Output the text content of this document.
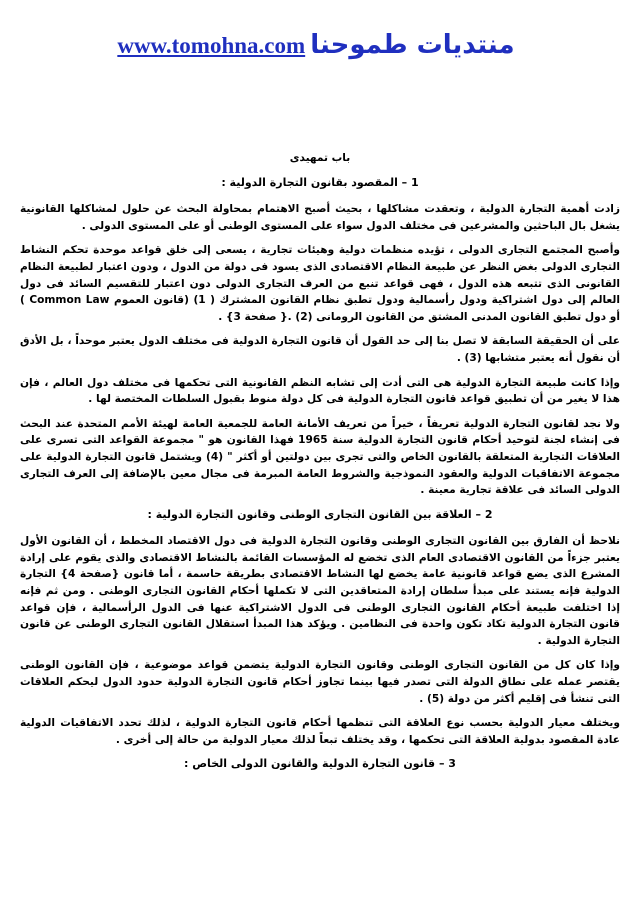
www.tomohna.com منتديات طموحنا

باب تمهيدى

1 – المقصود بقانون التجارة الدولية :

زادت أهمية التجارة الدولية ، وتعقدت مشاكلها ، بحيث أصبح الاهتمام بمحاولة البحث عن حلول لمشاكلها القانونية يشغل بال الباحثين والمشرعين فى مختلف الدول سواء على المستوى الوطنى أو على المستوى الدولى .

وأصبح المجتمع التجارى الدولى ، تؤيده منظمات دولية وهيئات تجارية ، يسعى إلى خلق قواعد موحدة تحكم النشاط التجارى الدولى بغض النظر عن طبيعة النظام الاقتصادى الذى يسود فى دولة من الدول ، ودون اعتبار لطبيعة النظام القانونى الذى تتبعه هذه الدول ، فهى قواعد تنبع من العرف التجارى الدولى دون اعتبار للتقسيم السائد فى دول العالم إلى دول اشتراكية ودول رأسمالية ودول تطبق نظام القانون المشترك ( 1) (قانون العموم Common Law ) أو دول تطبق القانون المدنى المشتق من القانون الرومانى (2) .{ صفحة 3} .

على أن الحقيقة السابقة لا تصل بنا إلى حد القول أن قانون التجارة الدولية فى مختلف الدول يعتبر موحداً ، بل الأدق أن نقول أنه يعتبر متشابها (3) .

وإذا كانت طبيعة التجارة الدولية هى التى أدت إلى تشابه النظم القانونية التى تحكمها فى مختلف دول العالم ، فإن هذا لا يغير من أن تطبيق قواعد قانون التجارة الدولية فى كل دولة منوط بقبول السلطات المختصة لها .

ولا نجد لقانون التجارة الدولية تعريفاً ، خيراً من تعريف الأمانة العامة للجمعية العامة لهيئة الأمم المتحدة عند البحث فى إنشاء لجنة لتوحيد أحكام قانون التجارة الدولية سنة 1965 فهذا القانون هو " مجموعة القواعد التى تسرى على العلاقات التجارية المتعلقة بالقانون الخاص والتى تجرى بين دولتين أو أكثر " (4) ويشتمل قانون التجارة الدولية على مجموعة الاتفاقيات الدولية والعقود النموذجية والشروط العامة المبرمة فى مجال معين بالإضافة إلى العرف التجارى الدولى السائد فى علاقة تجارية معينة .

2 – العلاقة بين القانون التجارى الوطنى وقانون التجارة الدولية :

نلاحظ أن الفارق بين القانون التجارى الوطنى وقانون التجارة الدولية فى دول الاقتصاد المخطط ، أن القانون الأول يعتبر جزءاً من القانون الاقتصادى العام الذى تخضع له المؤسسات القائمة بالنشاط الاقتصادى والذى يقوم على إرادة المشرع الذى يضع قواعد قانونية عامة يخضع لها النشاط الاقتصادى بطريقة حاسمة ، أما قانون {صفحة 4} التجارة الدولية فإنه يستند على مبدأ سلطان إرادة المتعاقدين التى لا تكملها أحكام القانون التجارى الوطنى . ومن ثم فإنه إذا اختلفت طبيعة أحكام القانون التجارى الوطنى فى الدول الاشتراكية عنها فى الدول الرأسمالية ، فإن قواعد قانون التجارة الدولية تكاد تكون واحدة فى النظامين . ويؤكد هذا المبدأ استقلال القانون التجارى الوطنى عن قانون التجارة الدولية .

وإذا كان كل من القانون التجارى الوطنى وقانون التجارة الدولية يتضمن قواعد موضوعية ، فإن القانون الوطنى يقتصر عمله على نطاق الدولة التى تصدر فيها بينما تجاوز أحكام قانون التجارة الدولية حدود الدول ليحكم العلاقات التى تنشأ فى إقليم أكثر من دولة (5) .

ويختلف معيار الدولية بحسب نوع العلاقة التى تنظمها أحكام قانون التجارة الدولية ، لذلك تحدد الاتفاقيات الدولية عادة المقصود بدولية العلاقة التى تحكمها ، وقد يختلف تبعاً لذلك معيار الدولية من حالة إلى أخرى .

3 – قانون التجارة الدولية والقانون الدولى الخاص :
